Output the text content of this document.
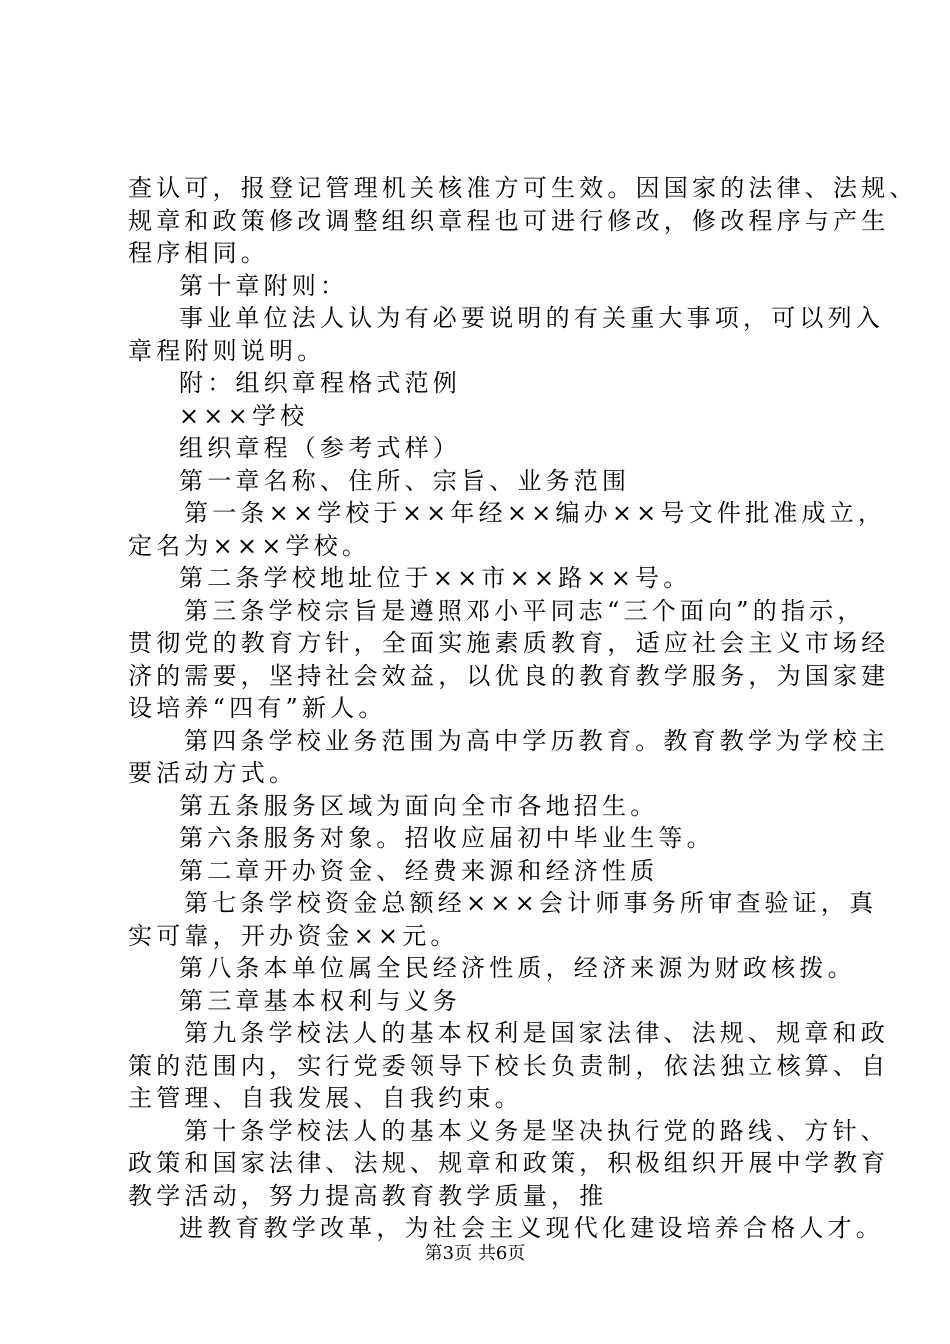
查认可，报登记管理机关核准方可生效。因国家的法律、法规、
规章和政策修改调整组织章程也可进行修改，修改程序与产生
程序相同。
第十章附则：
事业单位法人认为有必要说明的有关重大事项，可以列入
章程附则说明。
附：组织章程格式范例
×××学校
组织章程（参考式样）
第一章名称、住所、宗旨、业务范围
第一条××学校于××年经××编办××号文件批准成立，
定名为×××学校。
第二条学校地址位于××市××路××号。
第三条学校宗旨是遵照邓小平同志“三个面向”的指示，
贯彻党的教育方针，全面实施素质教育，适应社会主义市场经
济的需要，坚持社会效益，以优良的教育教学服务，为国家建
设培养“四有”新人。
第四条学校业务范围为高中学历教育。教育教学为学校主
要活动方式。
第五条服务区域为面向全市各地招生。
第六条服务对象。招收应届初中毕业生等。
第二章开办资金、经费来源和经济性质
第七条学校资金总额经×××会计师事务所审查验证，真
实可靠，开办资金××元。
第八条本单位属全民经济性质，经济来源为财政核拨。
第三章基本权利与义务
第九条学校法人的基本权利是国家法律、法规、规章和政
策的范围内，实行党委领导下校长负责制，依法独立核算、自
主管理、自我发展、自我约束。
第十条学校法人的基本义务是坚决执行党的路线、方针、
政策和国家法律、法规、规章和政策，积极组织开展中学教育
教学活动，努力提高教育教学质量，推
进教育教学改革，为社会主义现代化建设培养合格人才。
第3页 共6页
